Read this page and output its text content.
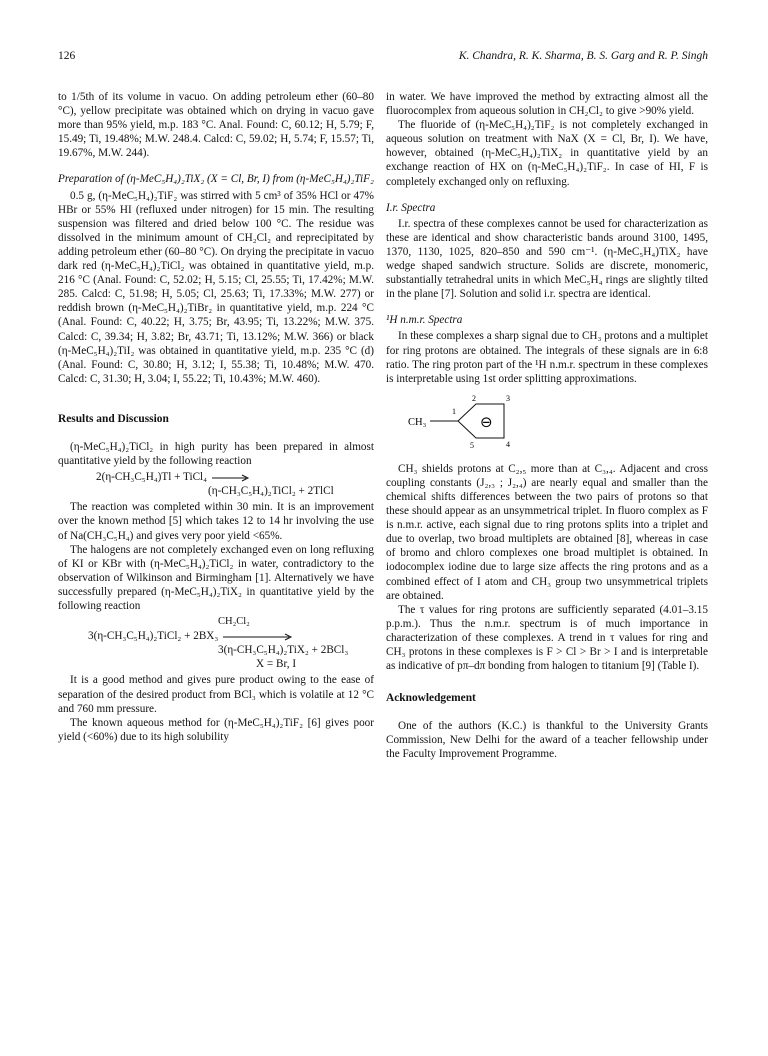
126	K. Chandra, R. K. Sharma, B. S. Garg and R. P. Singh

to 1/5th of its volume in vacuo. On adding petroleum ether (60–80 °C), yellow precipitate was obtained which on drying in vacuo gave more than 95% yield, m.p. 183 °C. Anal. Found: C, 60.12; H, 5.79; F, 15.49; Ti, 19.48%; M.W. 248.4. Calcd: C, 59.02; H, 5.74; F, 15.57; Ti, 19.67%, M.W. 244).

Preparation of (η-MeC₅H₄)₂TiX₂ (X = Cl, Br, I) from (η-MeC₅H₄)₂TiF₂

0.5 g, (η-MeC₅H₄)₂TiF₂ was stirred with 5 cm³ of 35% HCl or 47% HBr or 55% HI (refluxed under nitrogen) for 15 min. The resulting suspension was filtered and dried below 100 °C. The residue was dissolved in the minimum amount of CH₂Cl₂ and reprecipitated by adding petroleum ether (60–80 °C). On drying the precipitate in vacuo dark red (η-MeC₅H₄)₂TiCl₂ was obtained in quantitative yield, m.p. 216 °C (Anal. Found: C, 52.02; H, 5.15; Cl, 25.55; Ti, 17.42%; M.W. 285. Calcd: C, 51.98; H, 5.05; Cl, 25.63; Ti, 17.33%; M.W. 277) or reddish brown (η-MeC₅H₄)₂TiBr₂ in quantitative yield, m.p. 224 °C (Anal. Found: C, 40.22; H, 3.75; Br, 43.95; Ti, 13.22%; M.W. 375. Calcd: C, 39.34; H, 3.82; Br, 43.71; Ti, 13.12%; M.W. 366) or black (η-MeC₅H₄)₂TiI₂ was obtained in quantitative yield, m.p. 235 °C (d) (Anal. Found: C, 30.80; H, 3.12; I, 55.38; Ti, 10.48%; M.W. 470. Calcd: C, 31.30; H, 3.04; I, 55.22; Ti, 10.43%; M.W. 460).

Results and Discussion

(η-MeC₅H₄)₂TiCl₂ in high purity has been prepared in almost quantitative yield by the following reaction

2(η-CH₃C₅H₄)Tl + TiCl₄ →
(η-CH₃C₅H₄)₂TiCl₂ + 2TlCl

The reaction was completed within 30 min. It is an improvement over the known method [5] which takes 12 to 14 hr involving the use of Na(CH₃C₅H₄) and gives very poor yield <65%.

The halogens are not completely exchanged even on long refluxing of KI or KBr with (η-MeC₅H₄)₂TiCl₂ in water, contradictory to the observation of Wilkinson and Birmingham [1]. Alternatively we have successfully prepared (η-MeC₅H₄)₂TiX₂ in quantitative yield by the following reaction

CH₂Cl₂
3(η-CH₃C₅H₄)₂TiCl₂ + 2BX₃
3(η-CH₃C₅H₄)₂TiX₂ + 2BCl₃
X = Br, I

It is a good method and gives pure product owing to the ease of separation of the desired product from BCl₃ which is volatile at 12 °C and 760 mm pressure.

The known aqueous method for (η-MeC₅H₄)₂TiF₂ [6] gives poor yield (<60%) due to its high solubility

in water. We have improved the method by extracting almost all the fluorocomplex from aqueous solution in CH₂Cl₂ to give >90% yield.

The fluoride of (η-MeC₅H₄)₂TiF₂ is not completely exchanged in aqueous solution on treatment with NaX (X = Cl, Br, I). We have, however, obtained (η-MeC₅H₄)₂TiX₂ in quantitative yield by an exchange reaction of HX on (η-MeC₅H₄)₂TiF₂. In case of HI, F is completely exchanged only on refluxing.

I.r. Spectra

I.r. spectra of these complexes cannot be used for characterization as these are identical and show characteristic bands around 3100, 1495, 1370, 1130, 1025, 820–850 and 590 cm⁻¹. (η-MeC₅H₄)TiX₂ have wedge shaped sandwich structure. Solids are discrete, monomeric, substantially tetrahedral units in which MeC₅H₄ rings are slightly tilted in the plane [7]. Solution and solid i.r. spectra are identical.

¹H n.m.r. Spectra

In these complexes a sharp signal due to CH₃ protons and a multiplet for ring protons are obtained. The integrals of these signals are in 6:8 ratio. The ring proton part of the ¹H n.m.r. spectrum in these complexes is interpretable using 1st order splitting approximations.

CH₃
1
2	3
4
5
⊖

CH₃ shields protons at C₂,₅ more than at C₃,₄. Adjacent and cross coupling constants (J₂,₃ ; J₂,₄) are nearly equal and smaller than the chemical shifts differences between the two pairs of protons so that these should appear as an unsymmetrical triplet. In fluoro complex as F is n.m.r. active, each signal due to ring protons splits into a triplet and due to overlap, two broad multiplets are obtained [8], whereas in case of bromo and chloro complexes one broad multiplet is obtained. In iodocomplex iodine due to large size affects the ring protons and as a combined effect of I atom and CH₃ group two unsymmetrical triplets are obtained.

The τ values for ring protons are sufficiently separated (4.01–3.15 p.p.m.). Thus the n.m.r. spectrum is of much importance in characterization of these complexes. A trend in τ values for ring and CH₃ protons in these complexes is F > Cl > Br > I and is interpretable as indicative of pπ–dπ bonding from halogen to titanium [9] (Table I).

Acknowledgement

One of the authors (K.C.) is thankful to the University Grants Commission, New Delhi for the award of a teacher fellowship under the Faculty Improvement Programme.
